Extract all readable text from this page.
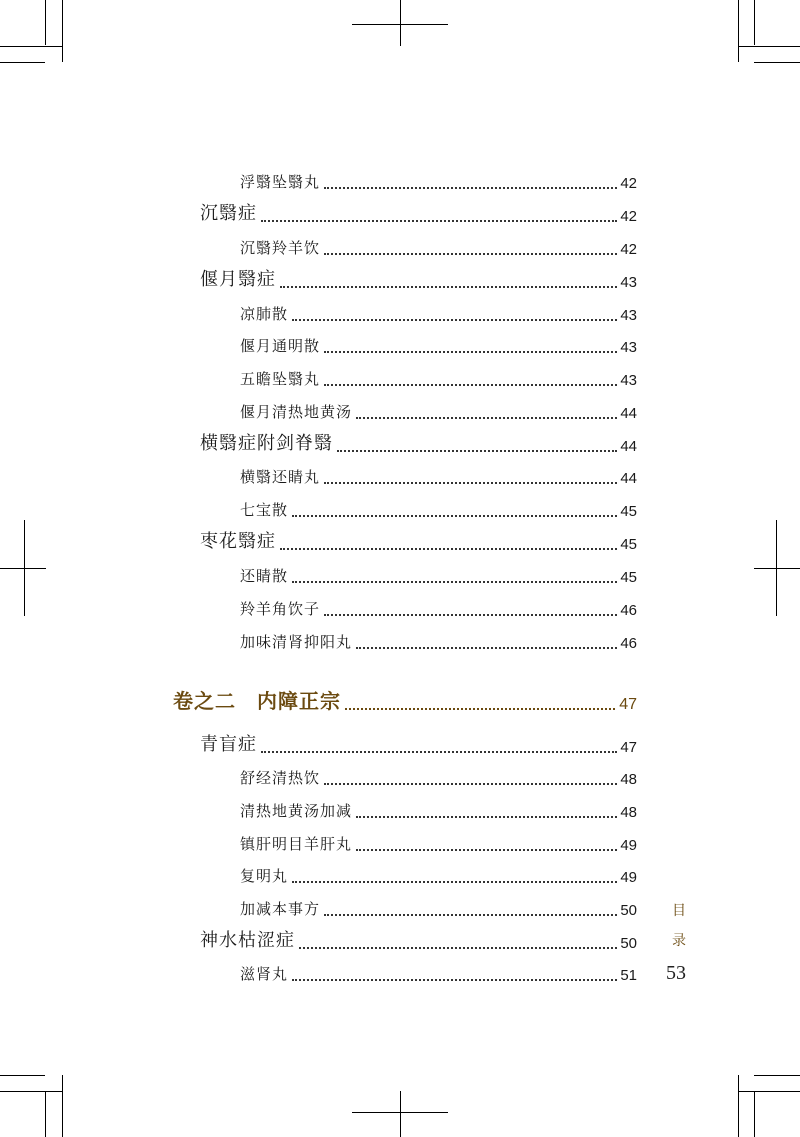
浮翳坠翳丸	42
沉翳症	42
沉翳羚羊饮	42
偃月翳症	43
凉肺散	43
偃月通明散	43
五瞻坠翳丸	43
偃月清热地黄汤	44
横翳症附剑脊翳	44
横翳还睛丸	44
七宝散	45
枣花翳症	45
还睛散	45
羚羊角饮子	46
加味清肾抑阳丸	46
卷之二　内障正宗	47
青盲症	47
舒经清热饮	48
清热地黄汤加减	48
镇肝明目羊肝丸	49
复明丸	49
加减本事方	50
神水枯涩症	50
滋肾丸	51
目
录
53
